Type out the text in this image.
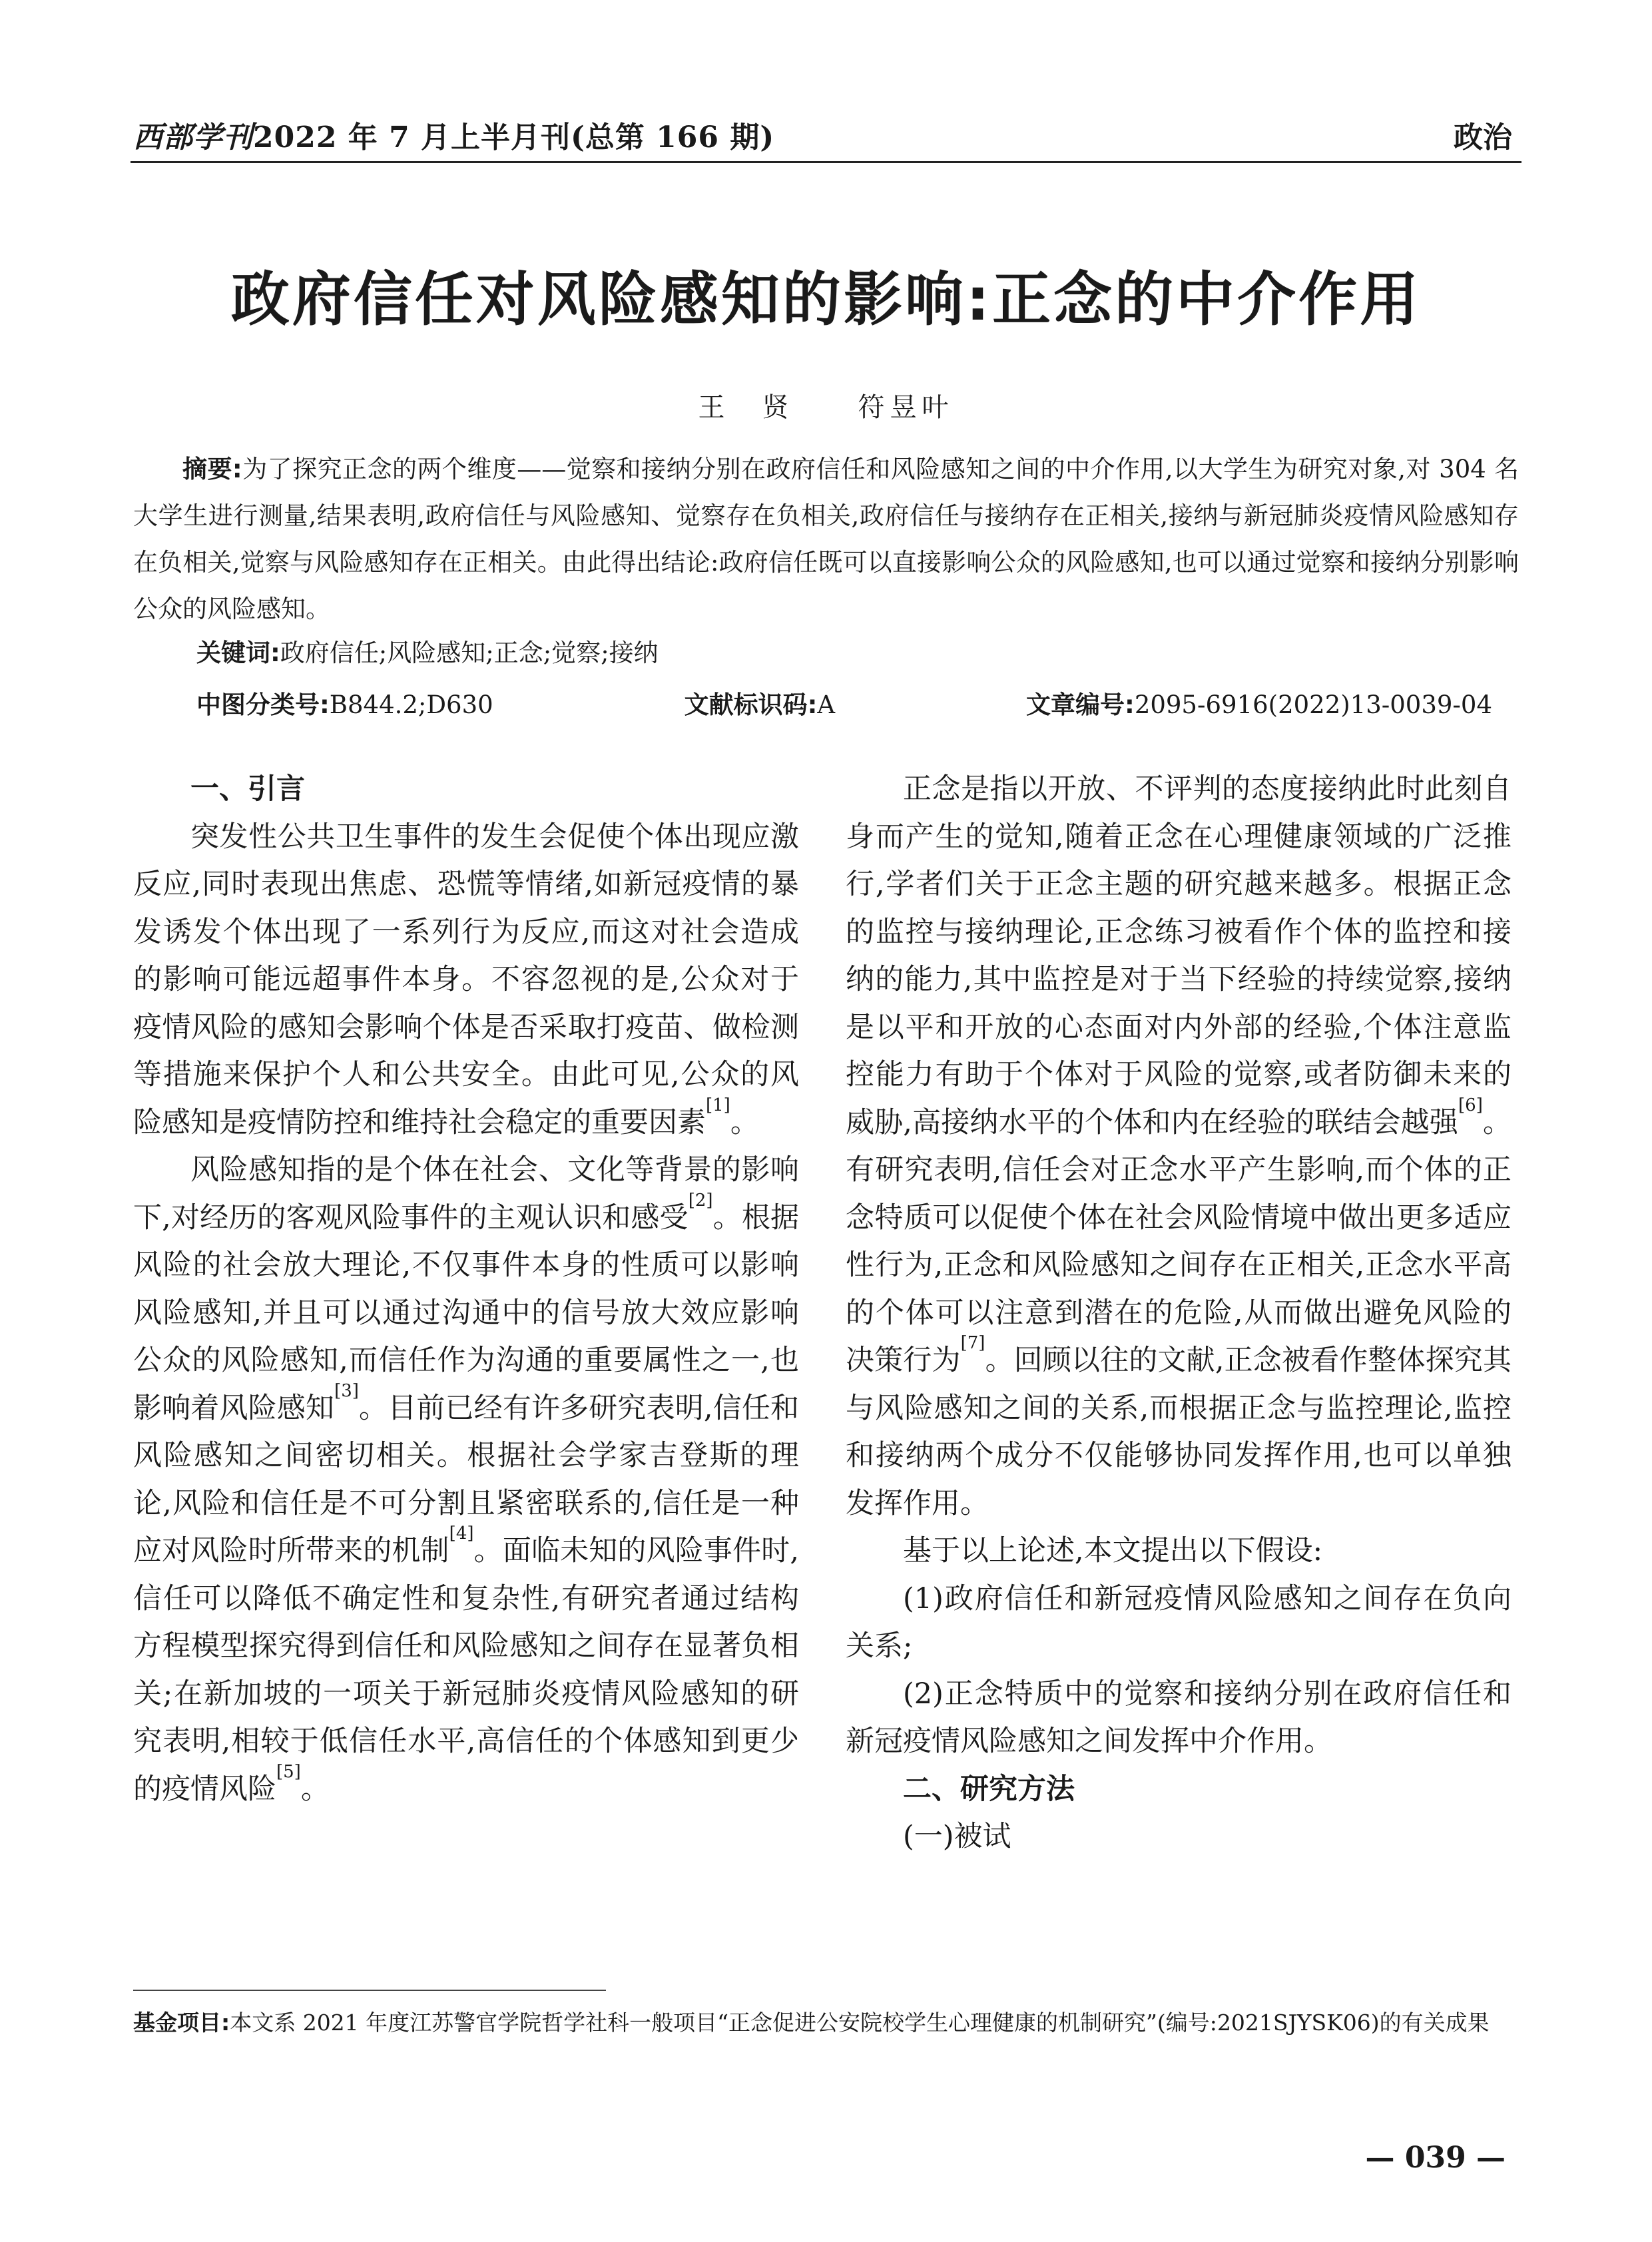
西部学刊2022 年 7 月上半月刊(总第 166 期)	政治
政府信任对风险感知的影响:正念的中介作用
王　贤　　符昱叶
摘要:为了探究正念的两个维度——觉察和接纳分别在政府信任和风险感知之间的中介作用,以大学生为研究对象,对 304 名大学生进行测量,结果表明,政府信任与风险感知、觉察存在负相关,政府信任与接纳存在正相关,接纳与新冠肺炎疫情风险感知存在负相关,觉察与风险感知存在正相关。由此得出结论:政府信任既可以直接影响公众的风险感知,也可以通过觉察和接纳分别影响公众的风险感知。
关键词:政府信任;风险感知;正念;觉察;接纳
中图分类号:B844.2;D630	文献标识码:A	文章编号:2095-6916(2022)13-0039-04
一、引言

突发性公共卫生事件的发生会促使个体出现应激反应,同时表现出焦虑、恐慌等情绪,如新冠疫情的暴发诱发个体出现了一系列行为反应,而这对社会造成的影响可能远超事件本身。不容忽视的是,公众对于疫情风险的感知会影响个体是否采取打疫苗、做检测等措施来保护个人和公共安全。由此可见,公众的风险感知是疫情防控和维持社会稳定的重要因素[1]。

风险感知指的是个体在社会、文化等背景的影响下,对经历的客观风险事件的主观认识和感受[2]。根据风险的社会放大理论,不仅事件本身的性质可以影响风险感知,并且可以通过沟通中的信号放大效应影响公众的风险感知,而信任作为沟通的重要属性之一,也影响着风险感知[3]。目前已经有许多研究表明,信任和风险感知之间密切相关。根据社会学家吉登斯的理论,风险和信任是不可分割且紧密联系的,信任是一种应对风险时所带来的机制[4]。面临未知的风险事件时,信任可以降低不确定性和复杂性,有研究者通过结构方程模型探究得到信任和风险感知之间存在显著负相关;在新加坡的一项关于新冠肺炎疫情风险感知的研究表明,相较于低信任水平,高信任的个体感知到更少的疫情风险[5]。

正念是指以开放、不评判的态度接纳此时此刻自身而产生的觉知,随着正念在心理健康领域的广泛推行,学者们关于正念主题的研究越来越多。根据正念的监控与接纳理论,正念练习被看作个体的监控和接纳的能力,其中监控是对于当下经验的持续觉察,接纳是以平和开放的心态面对内外部的经验,个体注意监控能力有助于个体对于风险的觉察,或者防御未来的威胁,高接纳水平的个体和内在经验的联结会越强[6]。有研究表明,信任会对正念水平产生影响,而个体的正念特质可以促使个体在社会风险情境中做出更多适应性行为,正念和风险感知之间存在正相关,正念水平高的个体可以注意到潜在的危险,从而做出避免风险的决策行为[7]。回顾以往的文献,正念被看作整体探究其与风险感知之间的关系,而根据正念与监控理论,监控和接纳两个成分不仅能够协同发挥作用,也可以单独发挥作用。

基于以上论述,本文提出以下假设:

(1)政府信任和新冠疫情风险感知之间存在负向关系;

(2)正念特质中的觉察和接纳分别在政府信任和新冠疫情风险感知之间发挥中介作用。

二、研究方法
(一)被试
基金项目:本文系 2021 年度江苏警官学院哲学社科一般项目“正念促进公安院校学生心理健康的机制研究”(编号:2021SJYSK06)的有关成果
— 039 —
